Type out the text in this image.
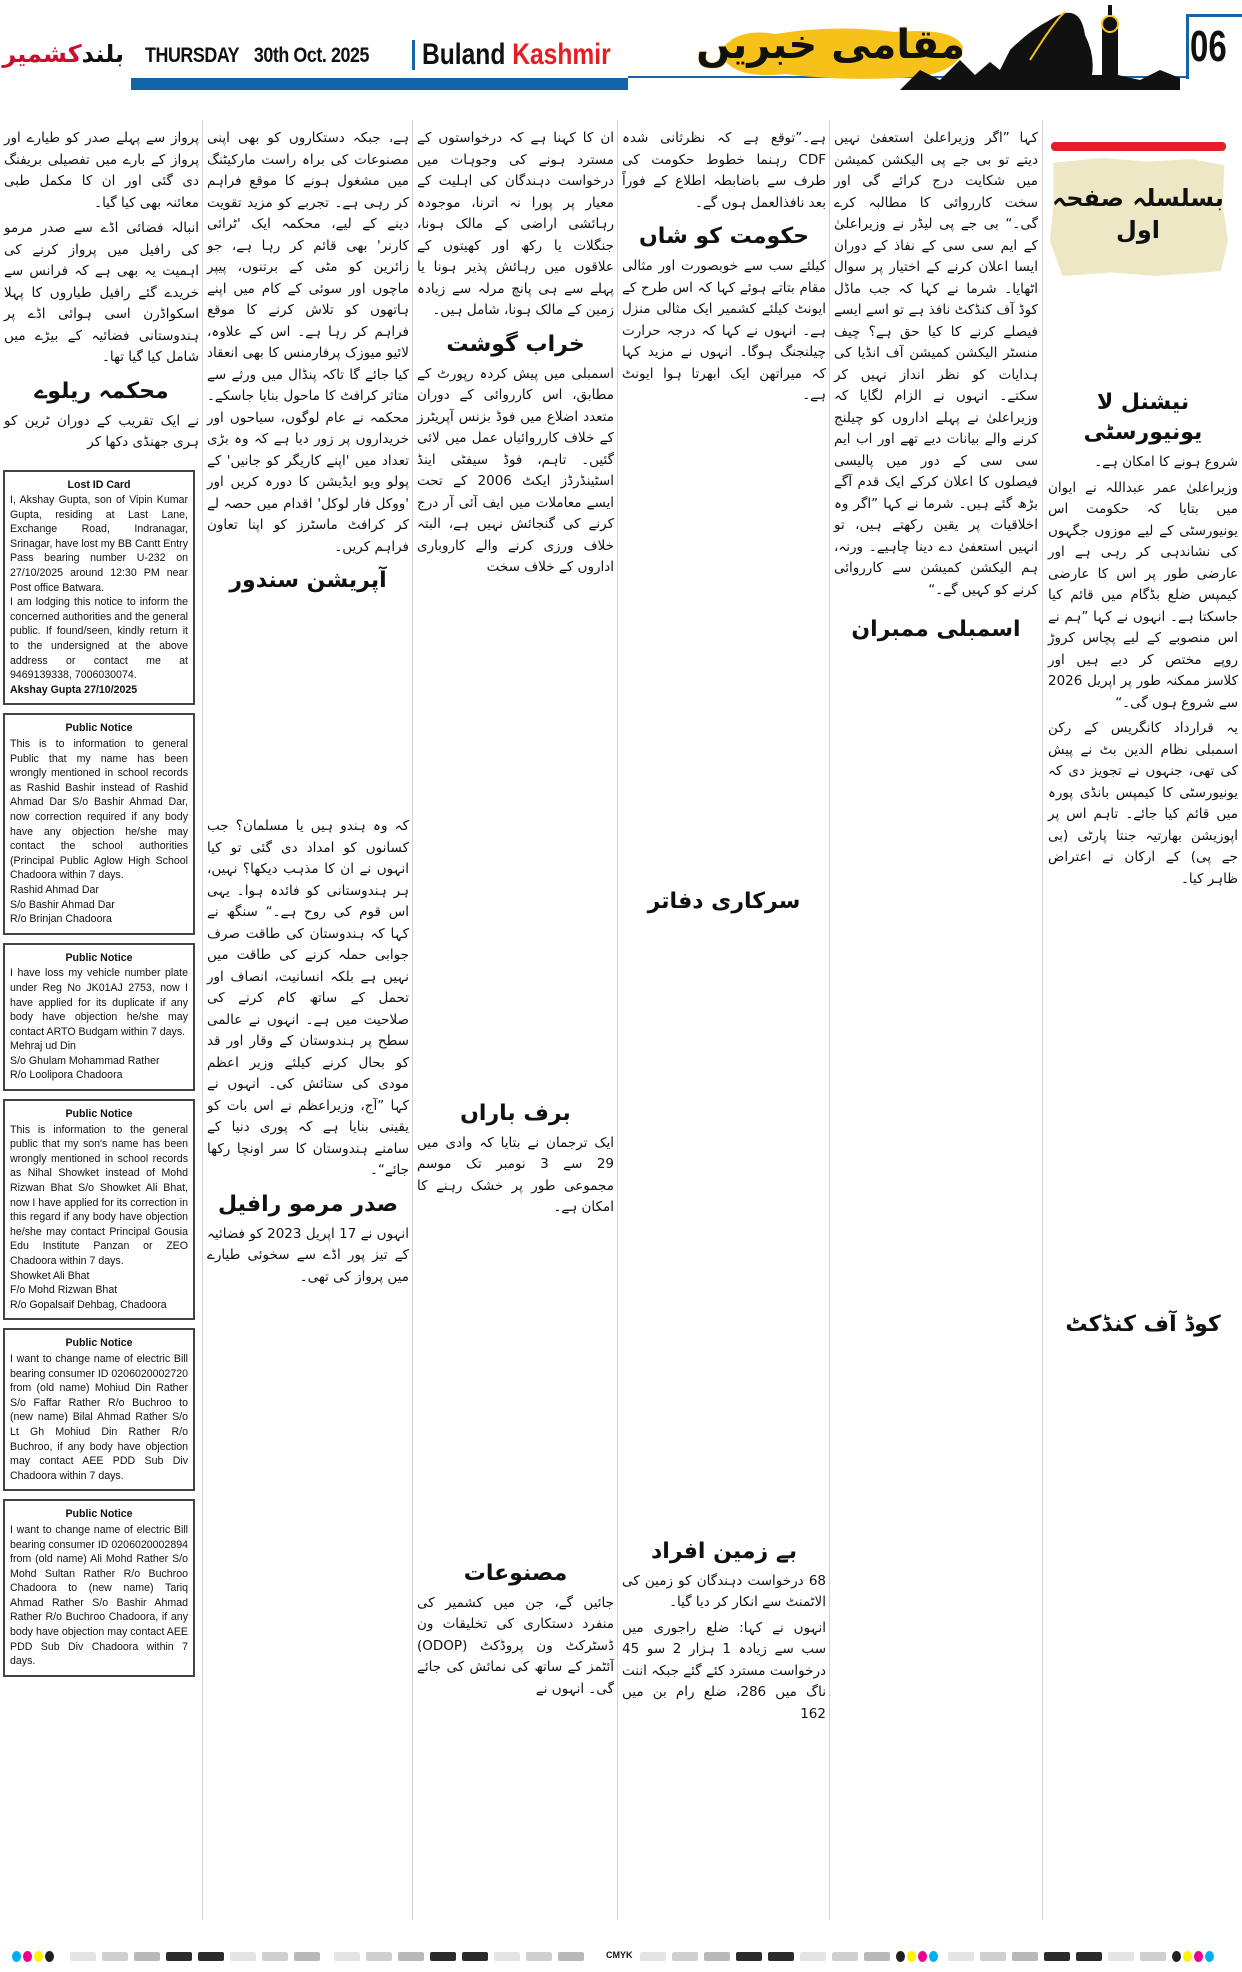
بلندکشمیر	THURSDAY 30th Oct. 2025	Buland Kashmir مقامی خبریں	06
بسلسلہ صفحہ اول
نیشنل لا یونیورسٹی

شروع ہونے کا امکان ہے۔

وزیراعلیٰ عمر عبداللہ نے ایوان میں بتایا کہ حکومت اس یونیورسٹی کے لیے موزوں جگہوں کی نشاندہی کر رہی ہے اور عارضی طور پر اس کا عارضی کیمپس ضلع بڈگام میں قائم کیا جاسکتا ہے۔ انہوں نے کہا ”ہم نے اس منصوبے کے لیے پچاس کروڑ روپے مختص کر دیے ہیں اور کلاسز ممکنہ طور پر اپریل 2026 سے شروع ہوں گی۔“

یہ قرارداد کانگریس کے رکن اسمبلی نظام الدین بٹ نے پیش کی تھی، جنہوں نے تجویز دی کہ یونیورسٹی کا کیمپس بانڈی پورہ میں قائم کیا جائے۔ تاہم اس پر اپوزیشن بھارتیہ جنتا پارٹی (بی جے پی) کے ارکان نے اعتراض ظاہر کیا۔

کوڈ آف کنڈکٹ

کہا ”اگر وزیراعلیٰ استعفیٰ نہیں دیتے تو بی جے پی الیکشن کمیشن میں شکایت درج کرائے گی اور سخت کارروائی کا مطالبہ کرے گی۔“ بی جے پی لیڈر نے وزیراعلیٰ کے ایم سی سی کے نفاذ کے دوران ایسا اعلان کرنے کے اختیار پر سوال اٹھایا۔ شرما نے کہا کہ جب ماڈل کوڈ آف کنڈکٹ نافذ ہے تو اسے ایسے فیصلے کرنے کا کیا حق ہے؟ چیف منسٹر الیکشن کمیشن آف انڈیا کی ہدایات کو نظر انداز نہیں کر سکتے۔ انہوں نے الزام لگایا کہ وزیراعلیٰ نے پہلے اداروں کو چیلنج کرنے والے بیانات دیے تھے اور اب ایم سی سی کے دور میں پالیسی فیصلوں کا اعلان کرکے ایک قدم آگے بڑھ گئے ہیں۔ شرما نے کہا ”اگر وہ اخلاقیات پر یقین رکھتے ہیں، تو انہیں استعفیٰ دے دینا چاہیے۔ ورنہ، ہم الیکشن کمیشن سے کارروائی کرنے کو کہیں گے۔“

اسمبلی ممبران

ہے۔”توقع ہے کہ نظرثانی شدہ CDF رہنما خطوط حکومت کی طرف سے باضابطہ اطلاع کے فوراً بعد نافذالعمل ہوں گے۔

حکومت کو شاں

کیلئے سب سے خوبصورت اور مثالی مقام بتاتے ہوئے کہا کہ اس طرح کے ایونٹ کیلئے کشمیر ایک مثالی منزل ہے۔ انہوں نے کہا کہ درجہ حرارت چیلنجنگ ہوگا۔ انہوں نے مزید کہا کہ میراتھن ایک ابھرتا ہوا ایونٹ ہے۔

سرکاری دفاتر
بے زمین افراد

68 درخواست دہندگان کو زمین کی الاٹمنٹ سے انکار کر دیا گیا۔

انہوں نے کہا: ضلع راجوری میں سب سے زیادہ 1 ہزار 2 سو 45 درخواست مسترد کئے گئے جبکہ اننت ناگ میں 286، ضلع رام بن میں 162

ان کا کہنا ہے کہ درخواستوں کے مسترد ہونے کی وجوہات میں درخواست دہندگان کی اہلیت کے معیار پر پورا نہ اترنا، موجودہ رہائشی اراضی کے مالک ہونا، جنگلات یا رکھ اور کھیتوں کے علاقوں میں رہائش پذیر ہونا یا پہلے سے ہی پانچ مرلہ سے زیادہ زمین کے مالک ہونا، شامل ہیں۔

خراب گوشت

اسمبلی میں پیش کردہ رپورٹ کے مطابق، اس کارروائی کے دوران متعدد اضلاع میں فوڈ بزنس آپریٹرز کے خلاف کارروائیاں عمل میں لائی گئیں۔ تاہم، فوڈ سیفٹی اینڈ اسٹینڈرڈز ایکٹ 2006 کے تحت ایسے معاملات میں ایف آئی آر درج کرنے کی گنجائش نہیں ہے، البتہ خلاف ورزی کرنے والے کاروباری اداروں کے خلاف سخت

برف باراں

ایک ترجمان نے بتایا کہ وادی میں 29 سے 3 نومبر تک موسم مجموعی طور پر خشک رہنے کا امکان ہے۔

مصنوعات

جائیں گے، جن میں کشمیر کی منفرد دستکاری کی تخلیقات ون ڈسٹرکٹ ون پروڈکٹ (ODOP) آئٹمز کے ساتھ کی نمائش کی جائے گی۔ انہوں نے

ہے، جبکہ دستکاروں کو بھی اپنی مصنوعات کی براہ راست مارکیٹنگ میں مشغول ہونے کا موقع فراہم کر رہی ہے۔ تجربے کو مزید تقویت دینے کے لیے، محکمہ ایک 'ٹرائی کارنر' بھی قائم کر رہا ہے، جو زائرین کو مٹی کے برتنوں، پیپر ماچوں اور سوئی کے کام میں اپنے ہاتھوں کو تلاش کرنے کا موقع فراہم کر رہا ہے۔ اس کے علاوہ، لائیو میوزک پرفارمنس کا بھی انعقاد کیا جائے گا تاکہ پنڈال میں ورثے سے متاثر کرافٹ کا ماحول بنایا جاسکے۔ محکمہ نے عام لوگوں، سیاحوں اور خریداروں پر زور دیا ہے کہ وہ بڑی تعداد میں 'اپنے کاریگر کو جانیں' کے پولو ویو ایڈیشن کا دورہ کریں اور 'ووکل فار لوکل' اقدام میں حصہ لے کر کرافٹ ماسٹرز کو اپنا تعاون فراہم کریں۔

آپریشن سندور

کہ وہ ہندو ہیں یا مسلمان؟ جب کسانوں کو امداد دی گئی تو کیا انہوں نے ان کا مذہب دیکھا؟ نہیں، ہر ہندوستانی کو فائدہ ہوا۔ یہی اس قوم کی روح ہے۔“ سنگھ نے کہا کہ ہندوستان کی طاقت صرف جوابی حملہ کرنے کی طاقت میں نہیں ہے بلکہ انسانیت، انصاف اور تحمل کے ساتھ کام کرنے کی صلاحیت میں ہے۔ انہوں نے عالمی سطح پر ہندوستان کے وقار اور قد کو بحال کرنے کیلئے وزیر اعظم مودی کی ستائش کی۔ انہوں نے کہا ”آج، وزیراعظم نے اس بات کو یقینی بنایا ہے کہ پوری دنیا کے سامنے ہندوستان کا سر اونچا رکھا جائے“۔

صدر مرمو رافیل

انہوں نے 17 اپریل 2023 کو فضائیہ کے تیز پور اڈے سے سخوئی طیارے میں پرواز کی تھی۔

پرواز سے پہلے صدر کو طیارے اور پرواز کے بارے میں تفصیلی بریفنگ دی گئی اور ان کا مکمل طبی معائنہ بھی کیا گیا۔

انبالہ فضائی اڈے سے صدر مرمو کی رافیل میں پرواز کرنے کی اہمیت یہ بھی ہے کہ فرانس سے خریدے گئے رافیل طیاروں کا پہلا اسکواڈرن اسی ہوائی اڈے پر ہندوستانی فضائیہ کے بیڑے میں شامل کیا گیا تھا۔

محکمہ ریلوے

نے ایک تقریب کے دوران ٹرین کو ہری جھنڈی دکھا کر

Lost ID Card
I, Akshay Gupta, son of Vipin Kumar Gupta, residing at Last Lane, Exchange Road, Indranagar, Srinagar, have lost my BB Cantt Entry Pass bearing number U-232 on 27/10/2025 around 12:30 PM near Post office Batwara.
I am lodging this notice to inform the concerned authorities and the general public. If found/seen, kindly return it to the undersigned at the above address or contact me at 9469139338, 7006030074.
Akshay Gupta 27/10/2025
Public Notice
This is to information to general Public that my name has been wrongly mentioned in school records as Rashid Bashir instead of Rashid Ahmad Dar S/o Bashir Ahmad Dar, now correction required if any body have any objection he/she may contact the school authorities (Principal Public Aglow High School Chadoora within 7 days.
Rashid Ahmad Dar
S/o Bashir Ahmad Dar
R/o Brinjan Chadoora
Public Notice
I have loss my vehicle number plate under Reg No JK01AJ 2753, now I have applied for its duplicate if any body have objection he/she may contact ARTO Budgam within 7 days.
Mehraj ud Din
S/o Ghulam Mohammad Rather
R/o Loolipora Chadoora
Public Notice
This is information to the general public that my son's name has been wrongly mentioned in school records as Nihal Showket instead of Mohd Rizwan Bhat S/o Showket Ali Bhat, now I have applied for its correction in this regard if any body have objection he/she may contact Principal Gousia Edu Institute Panzan or ZEO Chadoora within 7 days.
Showket Ali Bhat
F/o Mohd Rizwan Bhat
R/o Gopalsaif Dehbag, Chadoora
Public Notice
I want to change name of electric Bill bearing consumer ID 0206020002720 from (old name) Mohiud Din Rather S/o Faffar Rather R/o Buchroo to (new name) Bilal Ahmad Rather S/o Lt Gh Mohiud Din Rather R/o Buchroo, if any body have objection may contact AEE PDD Sub Div Chadoora within 7 days.
Public Notice
I want to change name of electric Bill bearing consumer ID 0206020002894 from (old name) Ali Mohd Rather S/o Mohd Sultan Rather R/o Buchroo Chadoora to (new name) Tariq Ahmad Rather S/o Bashir Ahmad Rather R/o Buchroo Chadoora, if any body have objection may contact AEE PDD Sub Div Chadoora within 7 days.
CMYK
